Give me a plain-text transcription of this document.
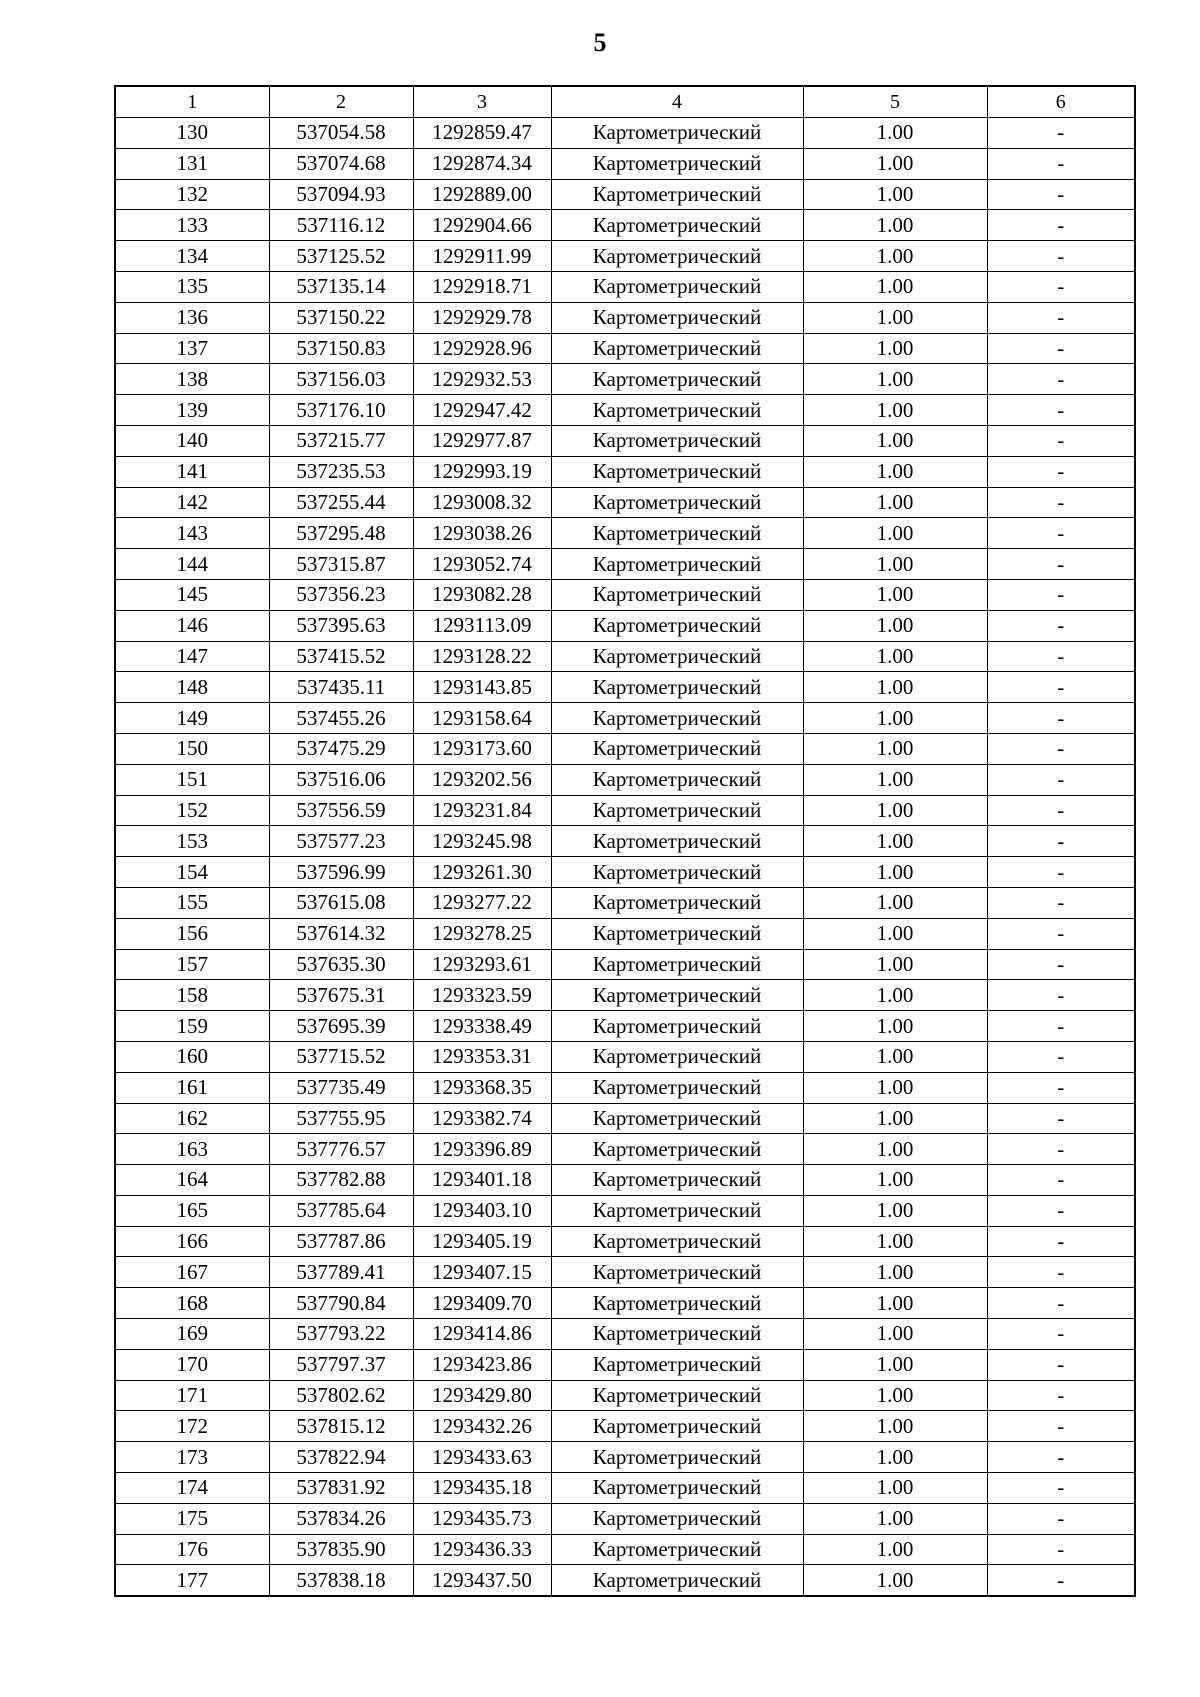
5
1	2	3	4	5	6
130	537054.58	1292859.47	Картометрический	1.00	-
131	537074.68	1292874.34	Картометрический	1.00	-
132	537094.93	1292889.00	Картометрический	1.00	-
133	537116.12	1292904.66	Картометрический	1.00	-
134	537125.52	1292911.99	Картометрический	1.00	-
135	537135.14	1292918.71	Картометрический	1.00	-
136	537150.22	1292929.78	Картометрический	1.00	-
137	537150.83	1292928.96	Картометрический	1.00	-
138	537156.03	1292932.53	Картометрический	1.00	-
139	537176.10	1292947.42	Картометрический	1.00	-
140	537215.77	1292977.87	Картометрический	1.00	-
141	537235.53	1292993.19	Картометрический	1.00	-
142	537255.44	1293008.32	Картометрический	1.00	-
143	537295.48	1293038.26	Картометрический	1.00	-
144	537315.87	1293052.74	Картометрический	1.00	-
145	537356.23	1293082.28	Картометрический	1.00	-
146	537395.63	1293113.09	Картометрический	1.00	-
147	537415.52	1293128.22	Картометрический	1.00	-
148	537435.11	1293143.85	Картометрический	1.00	-
149	537455.26	1293158.64	Картометрический	1.00	-
150	537475.29	1293173.60	Картометрический	1.00	-
151	537516.06	1293202.56	Картометрический	1.00	-
152	537556.59	1293231.84	Картометрический	1.00	-
153	537577.23	1293245.98	Картометрический	1.00	-
154	537596.99	1293261.30	Картометрический	1.00	-
155	537615.08	1293277.22	Картометрический	1.00	-
156	537614.32	1293278.25	Картометрический	1.00	-
157	537635.30	1293293.61	Картометрический	1.00	-
158	537675.31	1293323.59	Картометрический	1.00	-
159	537695.39	1293338.49	Картометрический	1.00	-
160	537715.52	1293353.31	Картометрический	1.00	-
161	537735.49	1293368.35	Картометрический	1.00	-
162	537755.95	1293382.74	Картометрический	1.00	-
163	537776.57	1293396.89	Картометрический	1.00	-
164	537782.88	1293401.18	Картометрический	1.00	-
165	537785.64	1293403.10	Картометрический	1.00	-
166	537787.86	1293405.19	Картометрический	1.00	-
167	537789.41	1293407.15	Картометрический	1.00	-
168	537790.84	1293409.70	Картометрический	1.00	-
169	537793.22	1293414.86	Картометрический	1.00	-
170	537797.37	1293423.86	Картометрический	1.00	-
171	537802.62	1293429.80	Картометрический	1.00	-
172	537815.12	1293432.26	Картометрический	1.00	-
173	537822.94	1293433.63	Картометрический	1.00	-
174	537831.92	1293435.18	Картометрический	1.00	-
175	537834.26	1293435.73	Картометрический	1.00	-
176	537835.90	1293436.33	Картометрический	1.00	-
177	537838.18	1293437.50	Картометрический	1.00	-
